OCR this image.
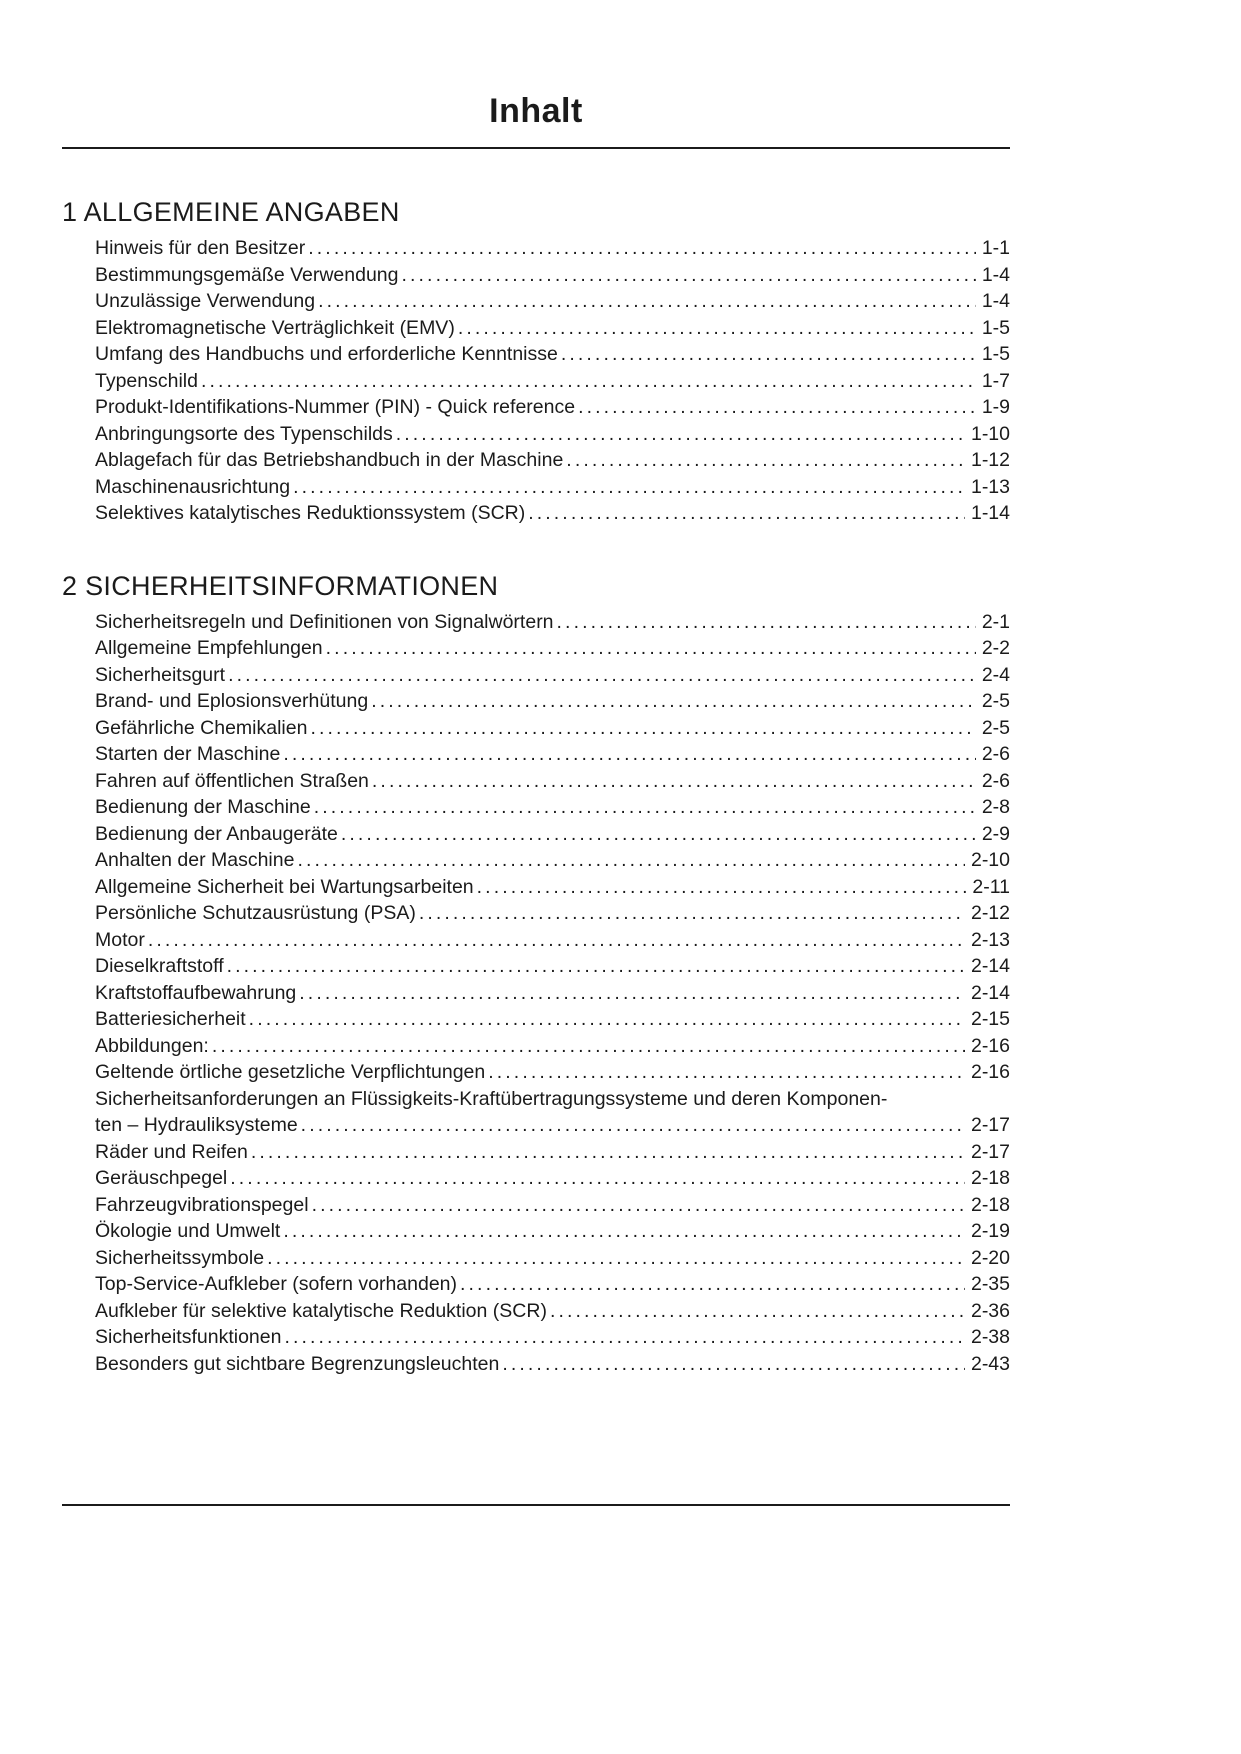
Inhalt
1 ALLGEMEINE ANGABEN
Hinweis für den Besitzer .....	1-1
Bestimmungsgemäße Verwendung .....	1-4
Unzulässige Verwendung .....	1-4
Elektromagnetische Verträglichkeit (EMV) .....	1-5
Umfang des Handbuchs und erforderliche Kenntnisse .....	1-5
Typenschild .....	1-7
Produkt-Identifikations-Nummer (PIN) - Quick reference .....	1-9
Anbringungsorte des Typenschilds .....	1-10
Ablagefach für das Betriebshandbuch in der Maschine .....	1-12
Maschinenausrichtung .....	1-13
Selektives katalytisches Reduktionssystem (SCR) .....	1-14
2 SICHERHEITSINFORMATIONEN
Sicherheitsregeln und Definitionen von Signalwörtern .....	2-1
Allgemeine Empfehlungen .....	2-2
Sicherheitsgurt .....	2-4
Brand- und Eplosionsverhütung .....	2-5
Gefährliche Chemikalien .....	2-5
Starten der Maschine .....	2-6
Fahren auf öffentlichen Straßen .....	2-6
Bedienung der Maschine .....	2-8
Bedienung der Anbaugeräte .....	2-9
Anhalten der Maschine .....	2-10
Allgemeine Sicherheit bei Wartungsarbeiten .....	2-11
Persönliche Schutzausrüstung (PSA) .....	2-12
Motor .....	2-13
Dieselkraftstoff .....	2-14
Kraftstoffaufbewahrung .....	2-14
Batteriesicherheit .....	2-15
Abbildungen: .....	2-16
Geltende örtliche gesetzliche Verpflichtungen .....	2-16
Sicherheitsanforderungen an Flüssigkeits-Kraftübertragungssysteme und deren Komponen-
ten – Hydrauliksysteme .....	2-17
Räder und Reifen .....	2-17
Geräuschpegel .....	2-18
Fahrzeugvibrationspegel .....	2-18
Ökologie und Umwelt .....	2-19
Sicherheitssymbole .....	2-20
Top-Service-Aufkleber (sofern vorhanden) .....	2-35
Aufkleber für selektive katalytische Reduktion (SCR) .....	2-36
Sicherheitsfunktionen .....	2-38
Besonders gut sichtbare Begrenzungsleuchten .....	2-43
